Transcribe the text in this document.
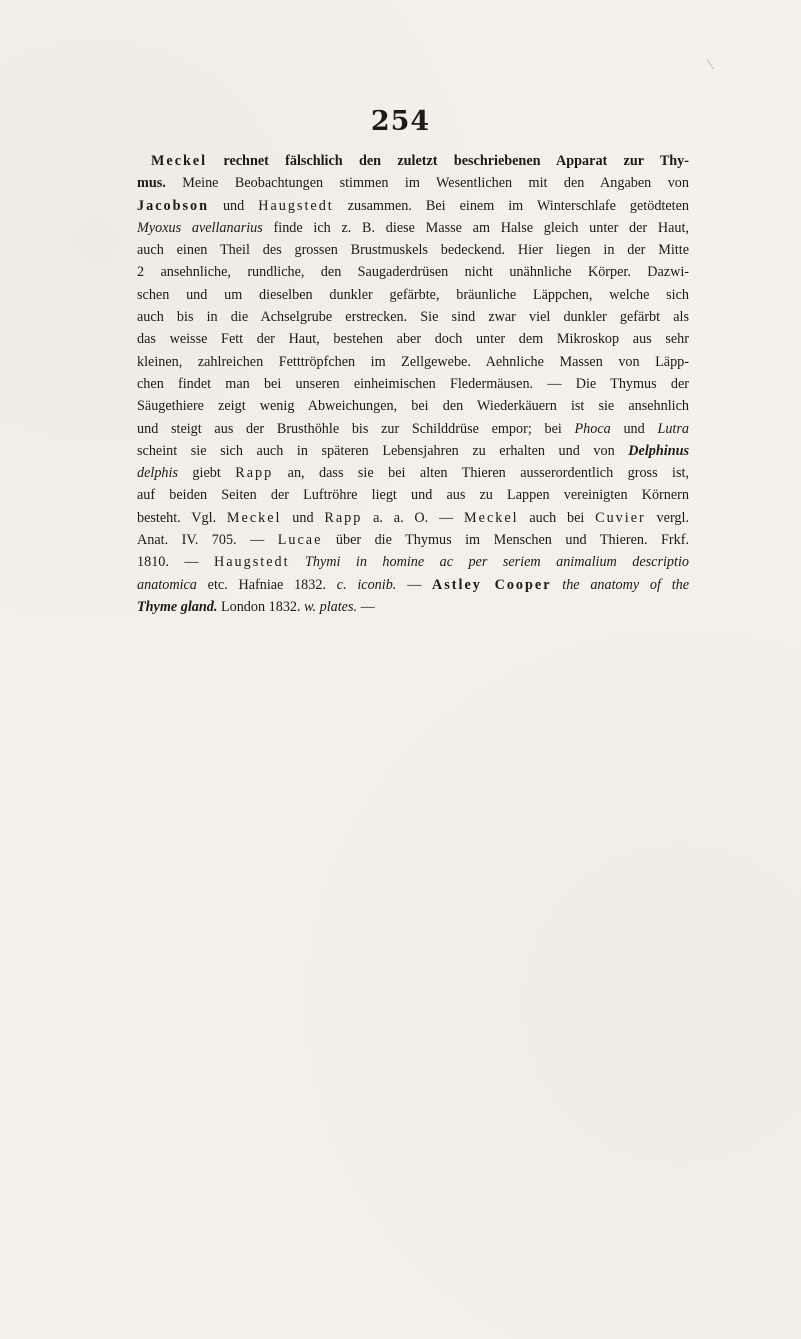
254
Meckel rechnet fälschlich den zuletzt beschriebenen Apparat zur Thy-
mus. Meine Beobachtungen stimmen im Wesentlichen mit den Angaben von
Jacobson und Haugstedt zusammen. Bei einem im Winterschlafe getödteten
Myoxus avellanarius finde ich z. B. diese Masse am Halse gleich unter der Haut,
auch einen Theil des grossen Brustmuskels bedeckend. Hier liegen in der Mitte
2 ansehnliche, rundliche, den Saugaderdrüsen nicht unähnliche Körper. Dazwi-
schen und um dieselben dunkler gefärbte, bräunliche Läppchen, welche sich
auch bis in die Achselgrube erstrecken. Sie sind zwar viel dunkler gefärbt als
das weisse Fett der Haut, bestehen aber doch unter dem Mikroskop aus sehr
kleinen, zahlreichen Fetttröpfchen im Zellgewebe. Aehnliche Massen von Läpp-
chen findet man bei unseren einheimischen Fledermäusen. — Die Thymus der
Säugethiere zeigt wenig Abweichungen, bei den Wiederkäuern ist sie ansehnlich
und steigt aus der Brusthöhle bis zur Schilddrüse empor; bei Phoca und Lutra
scheint sie sich auch in späteren Lebensjahren zu erhalten und von Delphinus
delphis giebt Rapp an, dass sie bei alten Thieren ausserordentlich gross ist,
auf beiden Seiten der Luftröhre liegt und aus zu Lappen vereinigten Körnern
besteht. Vgl. Meckel und Rapp a. a. O. — Meckel auch bei Cuvier vergl.
Anat. IV. 705. — Lucae über die Thymus im Menschen und Thieren. Frkf.
1810. — Haugstedt Thymi in homine ac per seriem animalium descriptio
anatomica etc. Hafniae 1832. c. iconib. — Astley Cooper the anatomy of the
Thyme gland. London 1832. w. plates. —
